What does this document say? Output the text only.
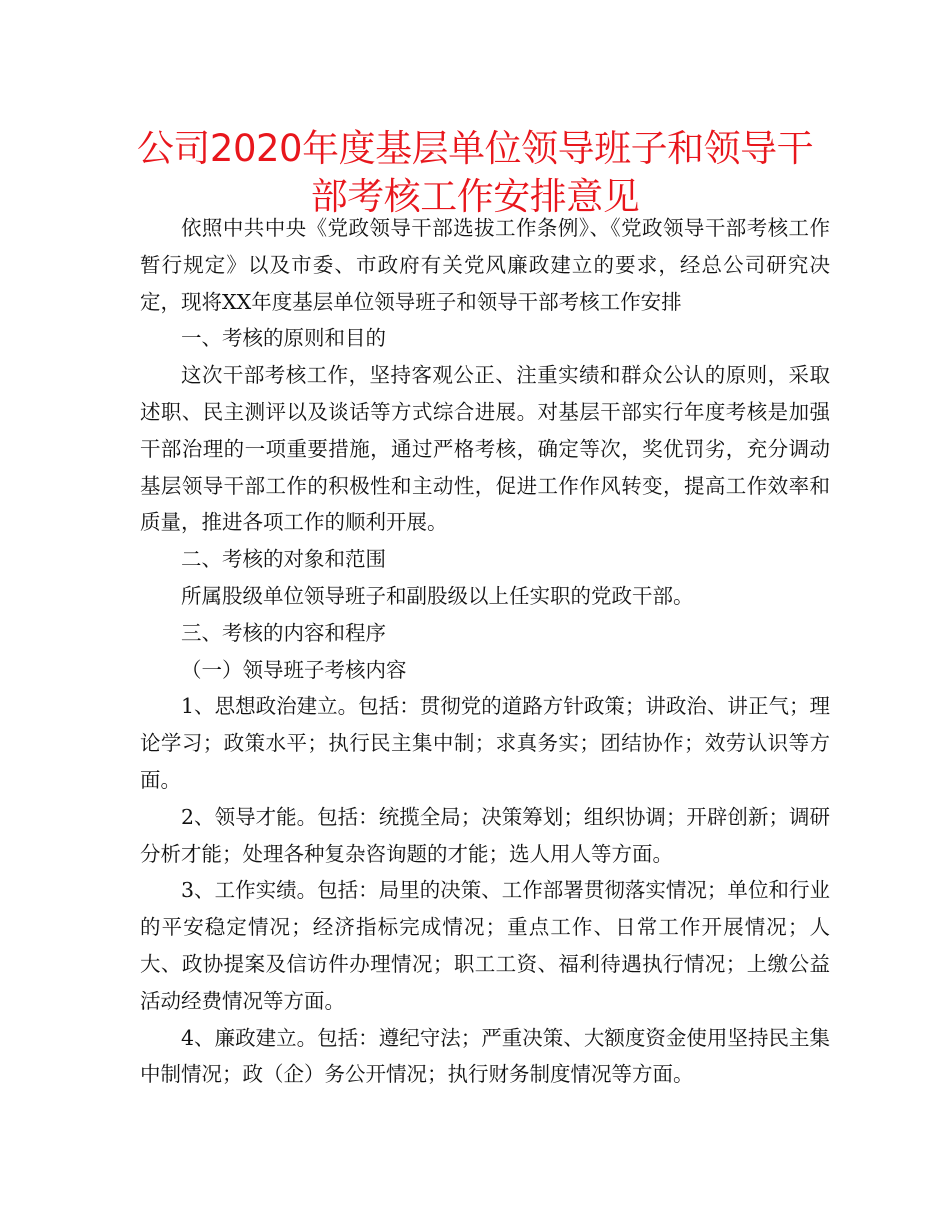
公司2020年度基层单位领导班子和领导干
部考核工作安排意见

依照中共中央《党政领导干部选拔工作条例》、《党政领导干部考核工作暂行规定》以及市委、市政府有关党风廉政建立的要求，经总公司研究决定，现将XX年度基层单位领导班子和领导干部考核工作安排

一、考核的原则和目的

这次干部考核工作，坚持客观公正、注重实绩和群众公认的原则，采取述职、民主测评以及谈话等方式综合进展。对基层干部实行年度考核是加强干部治理的一项重要措施，通过严格考核，确定等次，奖优罚劣，充分调动基层领导干部工作的积极性和主动性，促进工作作风转变，提高工作效率和质量，推进各项工作的顺利开展。

二、考核的对象和范围

所属股级单位领导班子和副股级以上任实职的党政干部。

三、考核的内容和程序

（一）领导班子考核内容

1、思想政治建立。包括：贯彻党的道路方针政策；讲政治、讲正气；理论学习；政策水平；执行民主集中制；求真务实；团结协作；效劳认识等方面。

2、领导才能。包括：统揽全局；决策筹划；组织协调；开辟创新；调研分析才能；处理各种复杂咨询题的才能；选人用人等方面。

3、工作实绩。包括：局里的决策、工作部署贯彻落实情况；单位和行业的平安稳定情况；经济指标完成情况；重点工作、日常工作开展情况；人大、政协提案及信访件办理情况；职工工资、福利待遇执行情况；上缴公益活动经费情况等方面。

4、廉政建立。包括：遵纪守法；严重决策、大额度资金使用坚持民主集中制情况；政（企）务公开情况；执行财务制度情况等方面。
